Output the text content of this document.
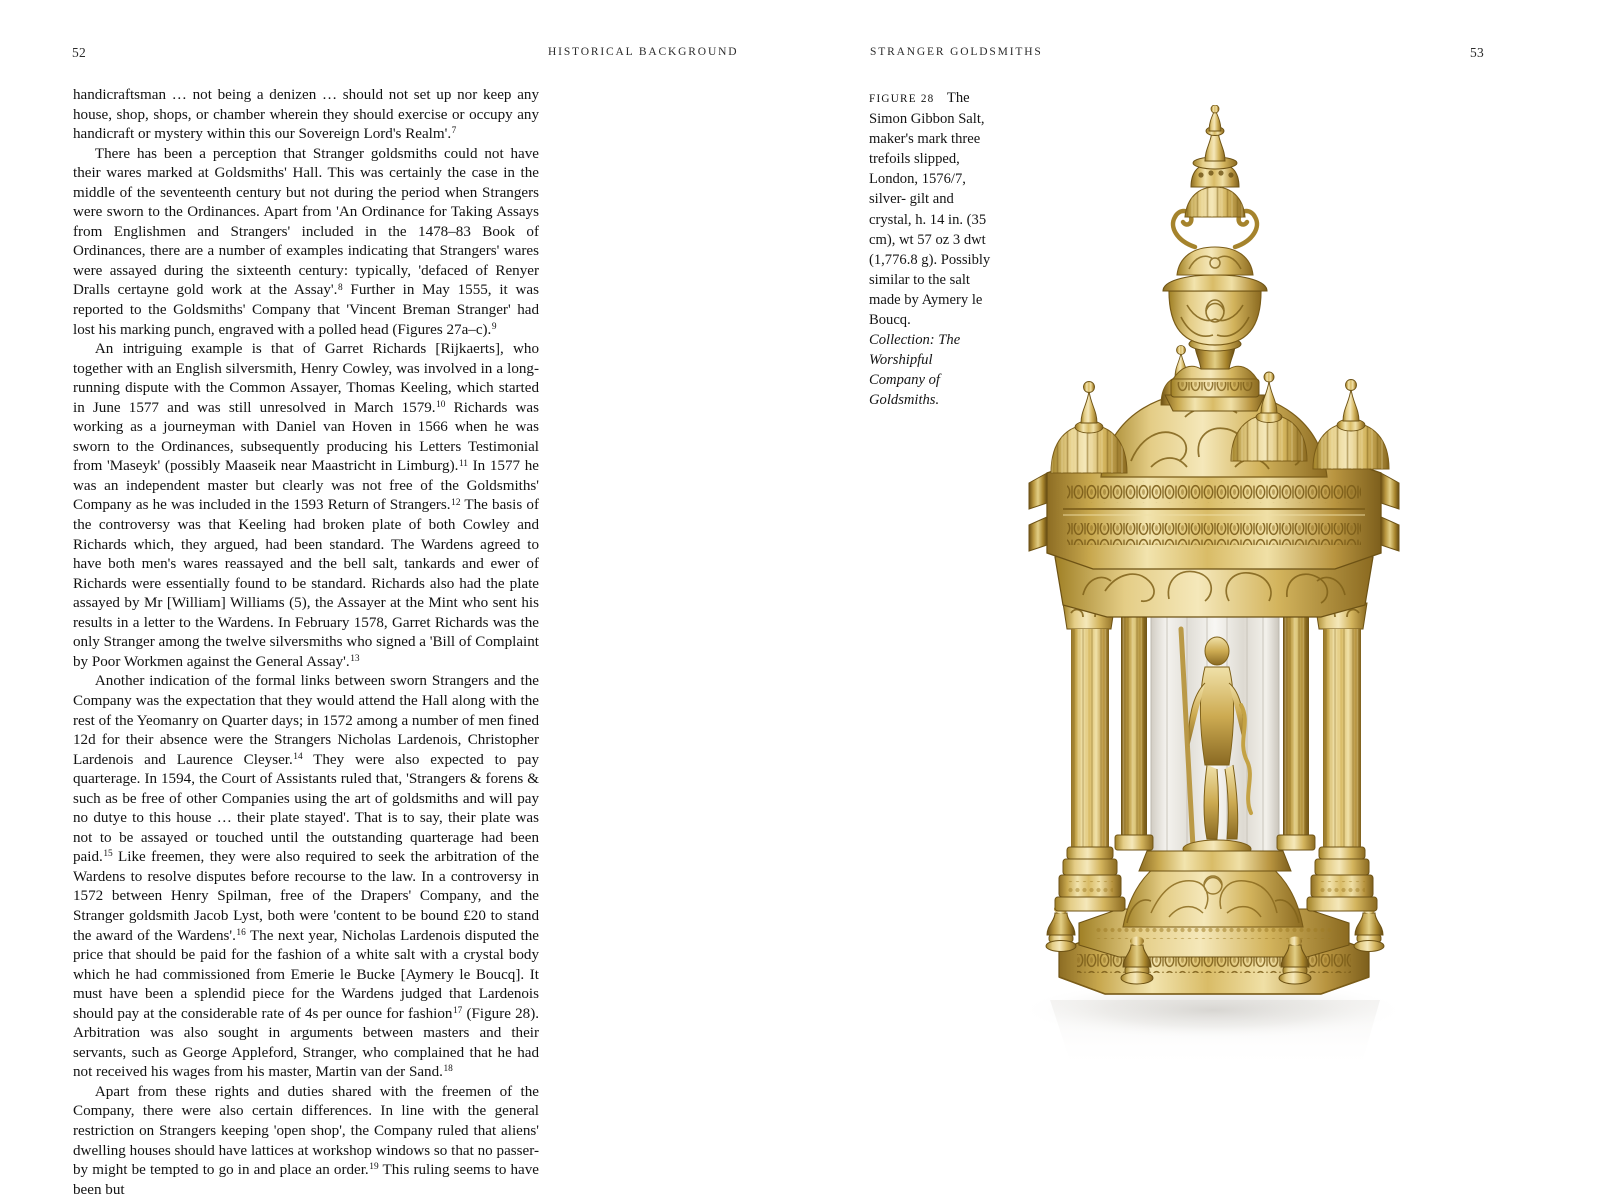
52	HISTORICAL BACKGROUND

handicraftsman … not being a denizen … should not set up nor keep any house, shop, shops, or chamber wherein they should exercise or occupy any handicraft or mystery within this our Sovereign Lord's Realm'.$^7$

There has been a perception that Stranger goldsmiths could not have their wares marked at Goldsmiths' Hall. This was certainly the case in the middle of the seventeenth century but not during the period when Strangers were sworn to the Ordinances. Apart from 'An Ordinance for Taking Assays from Englishmen and Strangers' included in the 1478–83 Book of Ordinances, there are a number of examples indicating that Strangers' wares were assayed during the sixteenth century: typically, 'defaced of Renyer Dralls certayne gold work at the Assay'.$^8$ Further in May 1555, it was reported to the Goldsmiths' Company that 'Vincent Breman Stranger' had lost his marking punch, engraved with a polled head (Figures 27a–c).$^9$

An intriguing example is that of Garret Richards [Rijkaerts], who together with an English silversmith, Henry Cowley, was involved in a long-running dispute with the Common Assayer, Thomas Keeling, which started in June 1577 and was still unresolved in March 1579.10 Richards was working as a journeyman with Daniel van Hoven in 1566 when he was sworn to the Ordinances, subsequently producing his Letters Testimonial from 'Maseyk' (possibly Maaseik near Maastricht in Limburg).$^{11}$ In 1577 he was an independent master but clearly was not free of the Goldsmiths' Company as he was included in the 1593 Return of Strangers.$^{12}$ The basis of the controversy was that Keeling had broken plate of both Cowley and Richards which, they argued, had been standard. The Wardens agreed to have both men's wares reassayed and the bell salt, tankards and ewer of Richards were essentially found to be standard. Richards also had the plate assayed by Mr [William] Williams (5), the Assayer at the Mint who sent his results in a letter to the Wardens. In February 1578, Garret Richards was the only Stranger among the twelve silversmiths who signed a 'Bill of Complaint by Poor Workmen against the General Assay'.$^{13}$

Another indication of the formal links between sworn Strangers and the Company was the expectation that they would attend the Hall along with the rest of the Yeomanry on Quarter days; in 1572 among a number of men fined 12d for their absence were the Strangers Nicholas Lardenois, Christopher Lardenois and Laurence Cleyser.$^{14}$ They were also expected to pay quarterage. In 1594, the Court of Assistants ruled that, 'Strangers & forens & such as be free of other Companies using the art of goldsmiths and will pay no dutye to this house … their plate stayed'. That is to say, their plate was not to be assayed or touched until the outstanding quarterage had been paid.$^{15}$ Like freemen, they were also required to seek the arbitration of the Wardens to resolve disputes before recourse to the law. In a controversy in 1572 between Henry Spilman, free of the Drapers' Company, and the Stranger goldsmith Jacob Lyst, both were 'content to be bound £20 to stand the award of the Wardens'.$^{16}$ The next year, Nicholas Lardenois disputed the price that should be paid for the fashion of a white salt with a crystal body which he had commissioned from Emerie le Bucke [Aymery le Boucq]. It must have been a splendid piece for the Wardens judged that Lardenois should pay at the considerable rate of 4s per ounce for fashion$^{17}$ (Figure 28). Arbitration was also sought in arguments between masters and their servants, such as George Appleford, Stranger, who complained that he had not received his wages from his master, Martin van der Sand.$^{18}$

Apart from these rights and duties shared with the freemen of the Company, there were also certain differences. In line with the general restriction on Strangers keeping 'open shop', the Company ruled that aliens' dwelling houses should have lattices at workshop windows so that no passer-by might be tempted to go in and place an order.$^{19}$ This ruling seems to have been but

STRANGER GOLDSMITHS	53
FIGURE 28 The Simon Gibbon Salt, maker's mark three trefoils slipped, London, 1576/7, silver- gilt and crystal, h. 14 in. (35 cm), wt 57 oz 3 dwt (1,776.8 g). Possibly similar to the salt made by Aymery le Boucq.
Collection: The Worshipful Company of Goldsmiths.
